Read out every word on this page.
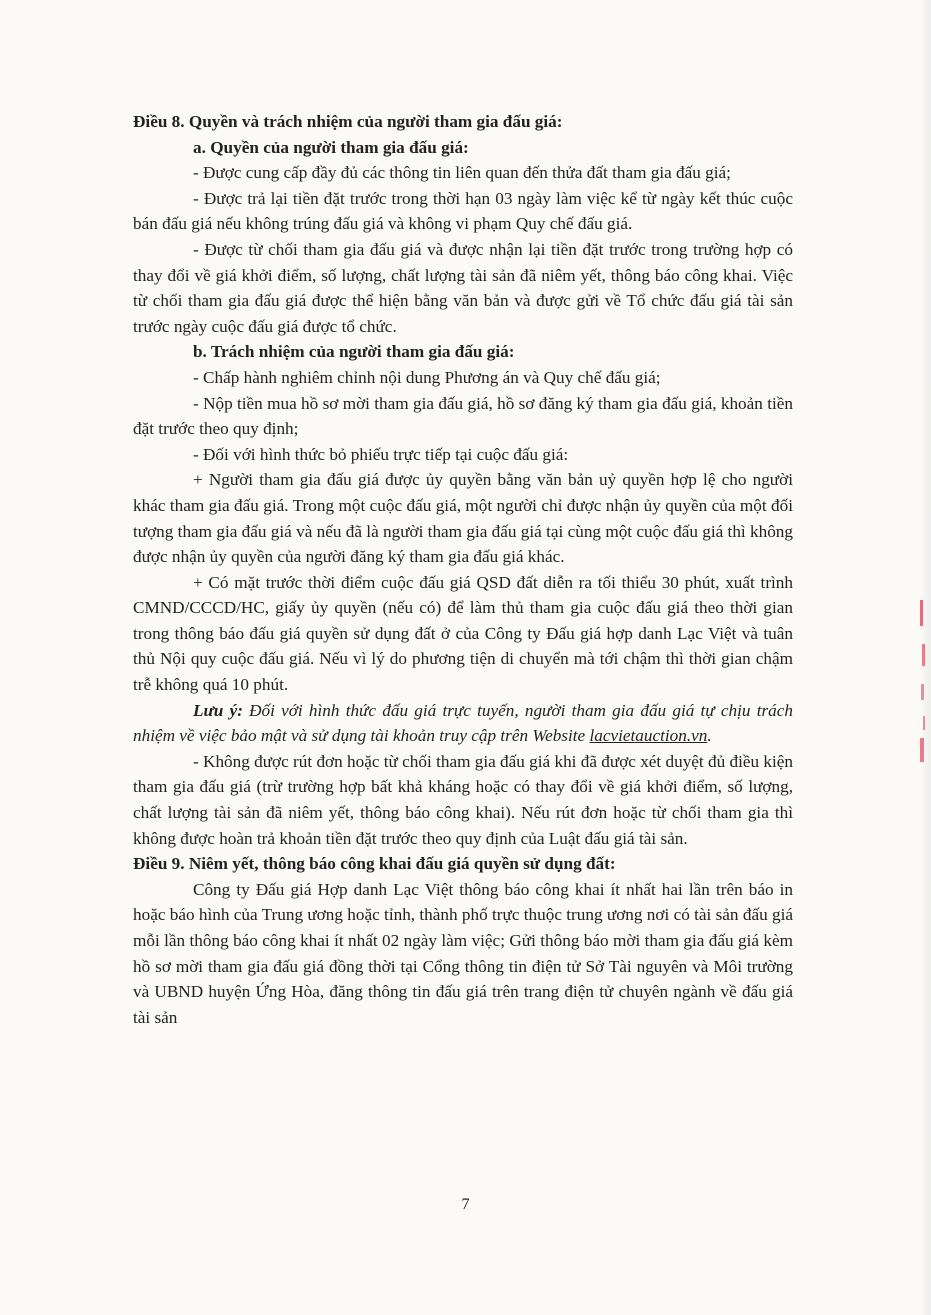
Điều 8. Quyền và trách nhiệm của người tham gia đấu giá:

a. Quyền của người tham gia đấu giá:

- Được cung cấp đầy đủ các thông tin liên quan đến thửa đất tham gia đấu giá;

- Được trả lại tiền đặt trước trong thời hạn 03 ngày làm việc kể từ ngày kết thúc cuộc bán đấu giá nếu không trúng đấu giá và không vi phạm Quy chế đấu giá.

- Được từ chối tham gia đấu giá và được nhận lại tiền đặt trước trong trường hợp có thay đổi về giá khởi điểm, số lượng, chất lượng tài sản đã niêm yết, thông báo công khai. Việc từ chối tham gia đấu giá được thể hiện bằng văn bản và được gửi về Tổ chức đấu giá tài sản trước ngày cuộc đấu giá được tổ chức.

b. Trách nhiệm của người tham gia đấu giá:

- Chấp hành nghiêm chỉnh nội dung Phương án và Quy chế đấu giá;

- Nộp tiền mua hồ sơ mời tham gia đấu giá, hồ sơ đăng ký tham gia đấu giá, khoản tiền đặt trước theo quy định;

- Đối với hình thức bỏ phiếu trực tiếp tại cuộc đấu giá:

+ Người tham gia đấu giá được ủy quyền bằng văn bản uỷ quyền hợp lệ cho người khác tham gia đấu giá. Trong một cuộc đấu giá, một người chỉ được nhận ủy quyền của một đối tượng tham gia đấu giá và nếu đã là người tham gia đấu giá tại cùng một cuộc đấu giá thì không được nhận ủy quyền của người đăng ký tham gia đấu giá khác.

+ Có mặt trước thời điểm cuộc đấu giá QSD đất diễn ra tối thiểu 30 phút, xuất trình CMND/CCCD/HC, giấy ủy quyền (nếu có) để làm thủ tham gia cuộc đấu giá theo thời gian trong thông báo đấu giá quyền sử dụng đất ở của Công ty Đấu giá hợp danh Lạc Việt và tuân thủ Nội quy cuộc đấu giá. Nếu vì lý do phương tiện di chuyển mà tới chậm thì thời gian chậm trễ không quá 10 phút.

Lưu ý: Đối với hình thức đấu giá trực tuyến, người tham gia đấu giá tự chịu trách nhiệm về việc bảo mật và sử dụng tài khoản truy cập trên Website lacvietauction.vn.

- Không được rút đơn hoặc từ chối tham gia đấu giá khi đã được xét duyệt đủ điều kiện tham gia đấu giá (trừ trường hợp bất khả kháng hoặc có thay đổi về giá khởi điểm, số lượng, chất lượng tài sản đã niêm yết, thông báo công khai). Nếu rút đơn hoặc từ chối tham gia thì không được hoàn trả khoản tiền đặt trước theo quy định của Luật đấu giá tài sản.

Điều 9. Niêm yết, thông báo công khai đấu giá quyền sử dụng đất:

Công ty Đấu giá Hợp danh Lạc Việt thông báo công khai ít nhất hai lần trên báo in hoặc báo hình của Trung ương hoặc tỉnh, thành phố trực thuộc trung ương nơi có tài sản đấu giá mỗi lần thông báo công khai ít nhất 02 ngày làm việc; Gửi thông báo mời tham gia đấu giá kèm hồ sơ mời tham gia đấu giá đồng thời tại Cổng thông tin điện tử Sở Tài nguyên và Môi trường và UBND huyện Ứng Hòa, đăng thông tin đấu giá trên trang điện tử chuyên ngành về đấu giá tài sản

7
